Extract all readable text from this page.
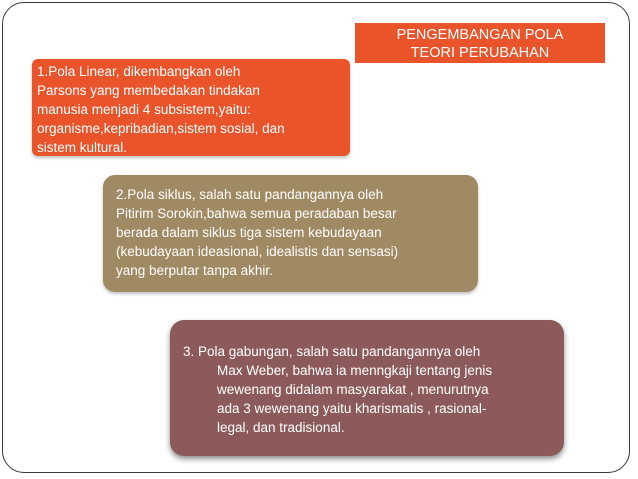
PENGEMBANGAN POLA
TEORI PERUBAHAN
1.Pola Linear, dikembangkan oleh
Parsons yang membedakan tindakan
manusia menjadi 4 subsistem,yaitu:
organisme,kepribadian,sistem sosial, dan
sistem kultural.
2.Pola siklus, salah satu pandangannya oleh
Pitirim Sorokin,bahwa semua peradaban besar
berada dalam siklus tiga sistem kebudayaan
(kebudayaan ideasional, idealistis dan sensasi)
yang berputar tanpa akhir.
3. Pola gabungan, salah satu pandangannya oleh
Max Weber, bahwa ia menngkaji tentang jenis
wewenang didalam masyarakat , menurutnya
ada 3 wewenang yaitu kharismatis , rasional-
legal, dan tradisional.
